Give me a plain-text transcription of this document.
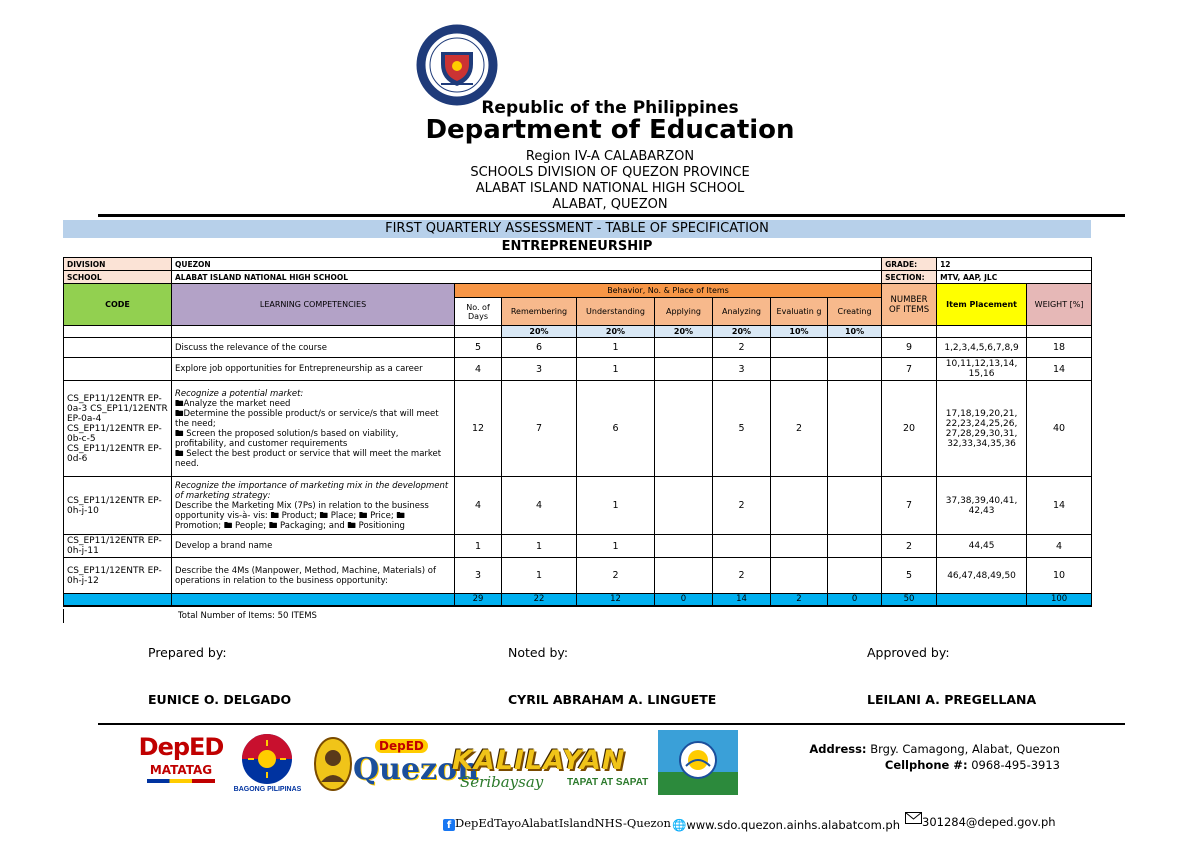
Republic of the Philippines
Department of Education
Region IV-A CALABARZON
SCHOOLS DIVISION OF QUEZON PROVINCE
ALABAT ISLAND NATIONAL HIGH SCHOOL
ALABAT, QUEZON
FIRST QUARTERLY ASSESSMENT - TABLE OF SPECIFICATION
ENTREPRENEURSHIP
DIVISION	QUEZON								GRADE:	12	
SCHOOL	ALABAT ISLAND NATIONAL HIGH SCHOOL								SECTION:	MTV, AAP, JLC	
CODE	LEARNING COMPETENCIES	Behavior, No. & Place of Items							NUMBER OF ITEMS	Item Placement	WEIGHT [%]
		No. of Days	Remembering	Understanding	Applying	Analyzing	Evaluatin g	Creating			
			20%	20%	20%	20%	10%	10%			
	Discuss the relevance of the course	5	6	1		2			9	1,2,3,4,5,6,7,8,9	18
	Explore job opportunities for Entrepreneurship as a career	4	3	1		3			7	10,11,12,13,14, 15,16	14
CS_EP11/12ENTR EP-0a-3 CS_EP11/12ENTR EP-0a-4 CS_EP11/12ENTR EP-0b-c-5 CS_EP11/12ENTR EP-0d-6	Recognize a potential market:
🖿Analyze the market need
🖿Determine the possible product/s or service/s that will meet the need;
🖿 Screen the proposed solution/s based on viability, profitability, and customer requirements
🖿 Select the best product or service that will meet the market need.	12	7	6		5	2		20	17,18,19,20,21, 22,23,24,25,26, 27,28,29,30,31, 32,33,34,35,36	40
CS_EP11/12ENTR EP-0h-j-10	Recognize the importance of marketing mix in the development of marketing strategy:
Describe the Marketing Mix (7Ps) in relation to the business opportunity vis-à- vis: 🖿 Product; 🖿 Place; 🖿 Price; 🖿 Promotion; 🖿 People; 🖿 Packaging; and 🖿 Positioning	4	4	1		2			7	37,38,39,40,41, 42,43	14
CS_EP11/12ENTR EP-0h-j-11	Develop a brand name	1	1	1					2	44,45	4
CS_EP11/12ENTR EP-0h-j-12	Describe the 4Ms (Manpower, Method, Machine, Materials) of operations in relation to the business opportunity:	3	1	2		2			5	46,47,48,49,50	10
		29	22	12	0	14	2	0	50		100
Total Number of Items: 50 ITEMS
Prepared by:	Noted by:	Approved by:
EUNICE O. DELGADO	CYRIL ABRAHAM A. LINGUETE	LEILANI A. PREGELLANA
DepED
MATATAG
BAGONG PILIPINAS
DepED
Quezon
KALILAYAN
Seribaysay TAPAT AT SAPAT
Address: Brgy. Camagong, Alabat, Quezon
Cellphone #: 0968-495-3913
f DepEdTayoAlabatIslandNHS-Quezon 🌐www.sdo.quezon.ainhs.alabatcom.ph	301284@deped.gov.ph
